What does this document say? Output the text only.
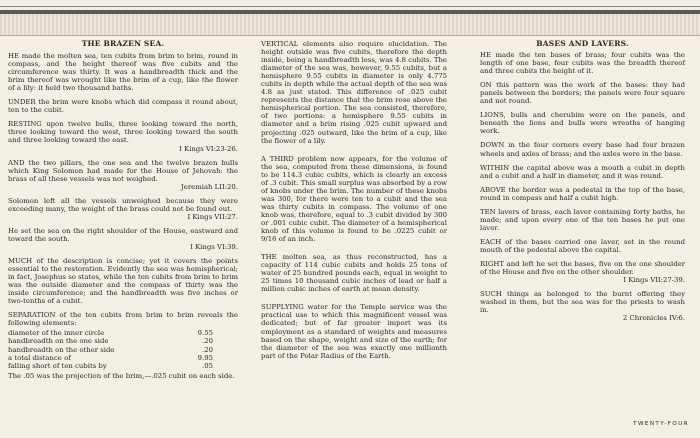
THE BRAZEN SEA.

HE made the molten sea, ten cubits from brim to brim, round in compass, and the height thereof was five cubits and the circumference was thirty. It was a handbreadth thick and the brim thereof was wrought like the brim of a cup, like the flower of a lily: it held two thousand baths.

UNDER the brim were knobs which did compass it round about, ten to the cubit.

RESTING upon twelve bulls, three looking toward the north, three looking toward the west, three looking toward the south and three looking toward the east.
I Kings VI:23-26.

AND the two pillars, the one sea and the twelve brazen bulls which King Solomon had made for the House of Jehovah: the brass of all these vessels was not weighed.
Jeremiah LII:20.

Solomon left all the vessels unweighed because they were exceeding many, the weight of the brass could not be found out.
I Kings VII:27.

He set the sea on the right shoulder of the House, eastward and toward the south.
I Kings VI:39.

MUCH of the description is concise; yet it covers the points essential to the restoration. Evidently the sea was hemispherical; in fact, Josephus so states, while the ten cubits from brim to brim was the outside diameter and the compass of thirty was the inside circumference; and the handbreadth was five inches or two-tenths of a cubit.

SEPARATION of the ten cubits from brim to brim reveals the following elements:

diameter of the inner circle	9.55
handbreadth on the one side	.20
handbreadth on the other side	.20
a total distance of	9.95
falling short of ten cubits by	.05

The .05 was the projection of the brim,—.025 cubit on each side.

VERTICAL elements also require elucidation. The height outside was five cubits, therefore the depth inside, being a handbreadth less, was 4.8 cubits. The diameter of the sea was, however, 9.55 cubits, but a hemisphere 9.55 cubits in diameter is only 4.775 cubits in depth while the actual depth of the sea was 4.8 as just stated. This difference of .025 cubit represents the distance that the brim rose above the hemispherical portion. The sea consisted, therefore, of two portions: a hemisphere 9.55 cubits in diameter and a brim rising .025 cubit upward and projecting .025 outward, like the brim of a cup, like the flower of a lily.

A THIRD problem now appears, for the volume of the sea, computed from these dimensions, is found to be 114.3 cubic cubits, which is clearly an excess of .3 cubit. This small surplus was absorbed by a row of knobs under the brim. The number of these knobs was 300, for there were ten to a cubit and the sea was thirty cubits in compass. The volume of one knob was, therefore, equal to .3 cubit divided by 300 or .001 cubic cubit. The diameter of a hemispherical knob of this volume is found to be .0225 cubit or 9/16 of an inch.

THE molten sea, as thus reconstructed, has a capacity of 114 cubic cubits and holds 25 tons of water of 25 hundred pounds each, equal in weight to 25 times 10 thousand cubic inches of lead or half a million cubic inches of earth at mean density.

SUPPLYING water for the Temple service was the practical use to which this magnificent vessel was dedicated; but of far greater import was its employment as a standard of weights and measures based on the shape, weight and size of the earth; for the diameter of the sea was exactly one millionth part of the Polar Radius of the Earth.

BASES AND LAVERS.

HE made the ten bases of brass; four cubits was the length of one base, four cubits was the breadth thereof and three cubits the height of it.

ON this pattern was the work of the bases: they had panels between the borders; the panels were four square and not round.

LIONS, bulls and cherubim were on the panels, and beneath the lions and bulls were wreaths of hanging work.

DOWN in the four corners every base had four brazen wheels and axles of brass; and the axles were in the base.

WITHIN the capital above was a mouth a cubit in depth and a cubit and a half in diameter, and it was round.

ABOVE the border was a pedestal in the top of the base, round in compass and half a cubit high.

TEN lavers of brass, each laver containing forty baths, he made; and upon every one of the ten bases he put one laver.

EACH of the bases carried one laver, set in the round mouth of the pedestal above the capital.

RIGHT and left he set the bases, five on the one shoulder of the House and five on the other shoulder.
I Kings VII:27-39.

SUCH things as belonged to the burnt offering they washed in them, but the sea was for the priests to wash in.
2 Chronicles IV:6.

TWENTY-FOUR
